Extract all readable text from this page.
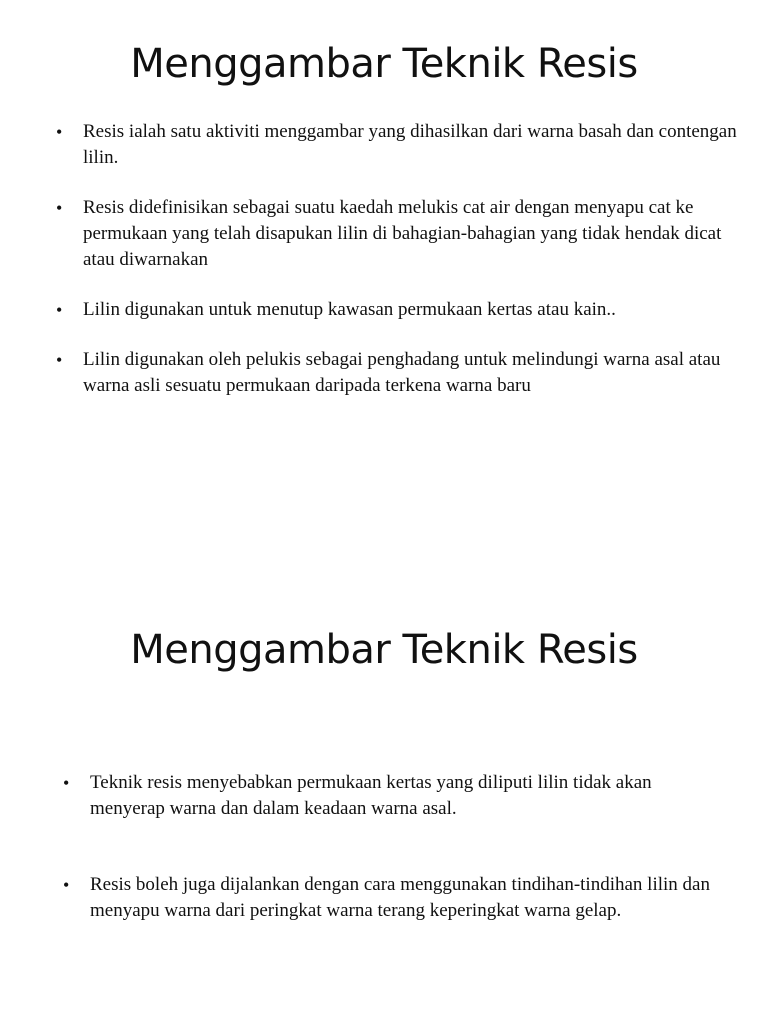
Menggambar Teknik Resis
• Resis ialah satu aktiviti menggambar yang dihasilkan dari warna basah dan contengan lilin.
• Resis didefinisikan sebagai suatu kaedah melukis cat air dengan menyapu cat ke permukaan yang telah disapukan lilin di bahagian-bahagian yang tidak hendak dicat atau diwarnakan
• Lilin digunakan untuk menutup kawasan permukaan kertas atau kain..
• Lilin digunakan oleh pelukis sebagai penghadang untuk melindungi warna asal atau warna asli sesuatu permukaan daripada terkena warna baru
Menggambar Teknik Resis
• Teknik resis menyebabkan permukaan kertas yang diliputi lilin tidak akan menyerap warna dan dalam keadaan warna asal.
• Resis boleh juga dijalankan dengan cara menggunakan tindihan-tindihan lilin dan menyapu warna dari peringkat warna terang keperingkat warna gelap.
